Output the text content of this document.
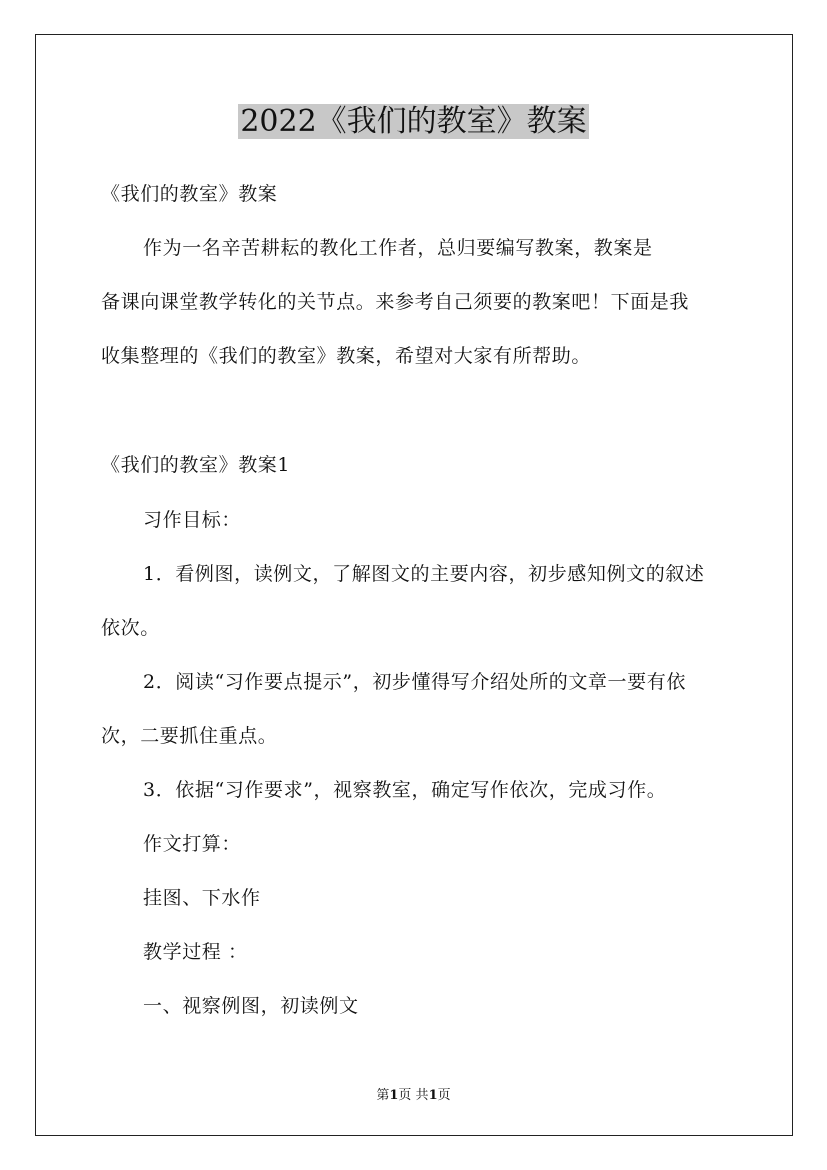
2022《我们的教室》教案
《我们的教室》教案
作为一名辛苦耕耘的教化工作者，总归要编写教案，教案是
备课向课堂教学转化的关节点。来参考自己须要的教案吧！下面是我
收集整理的《我们的教室》教案，希望对大家有所帮助。
《我们的教室》教案1
习作目标：
1．看例图，读例文，了解图文的主要内容，初步感知例文的叙述
依次。
2．阅读“习作要点提示”，初步懂得写介绍处所的文章一要有依
次，二要抓住重点。
3．依据“习作要求”，视察教室，确定写作依次，完成习作。
作文打算：
挂图、下水作
教学过程 ：
一、视察例图，初读例文
第1页 共1页
